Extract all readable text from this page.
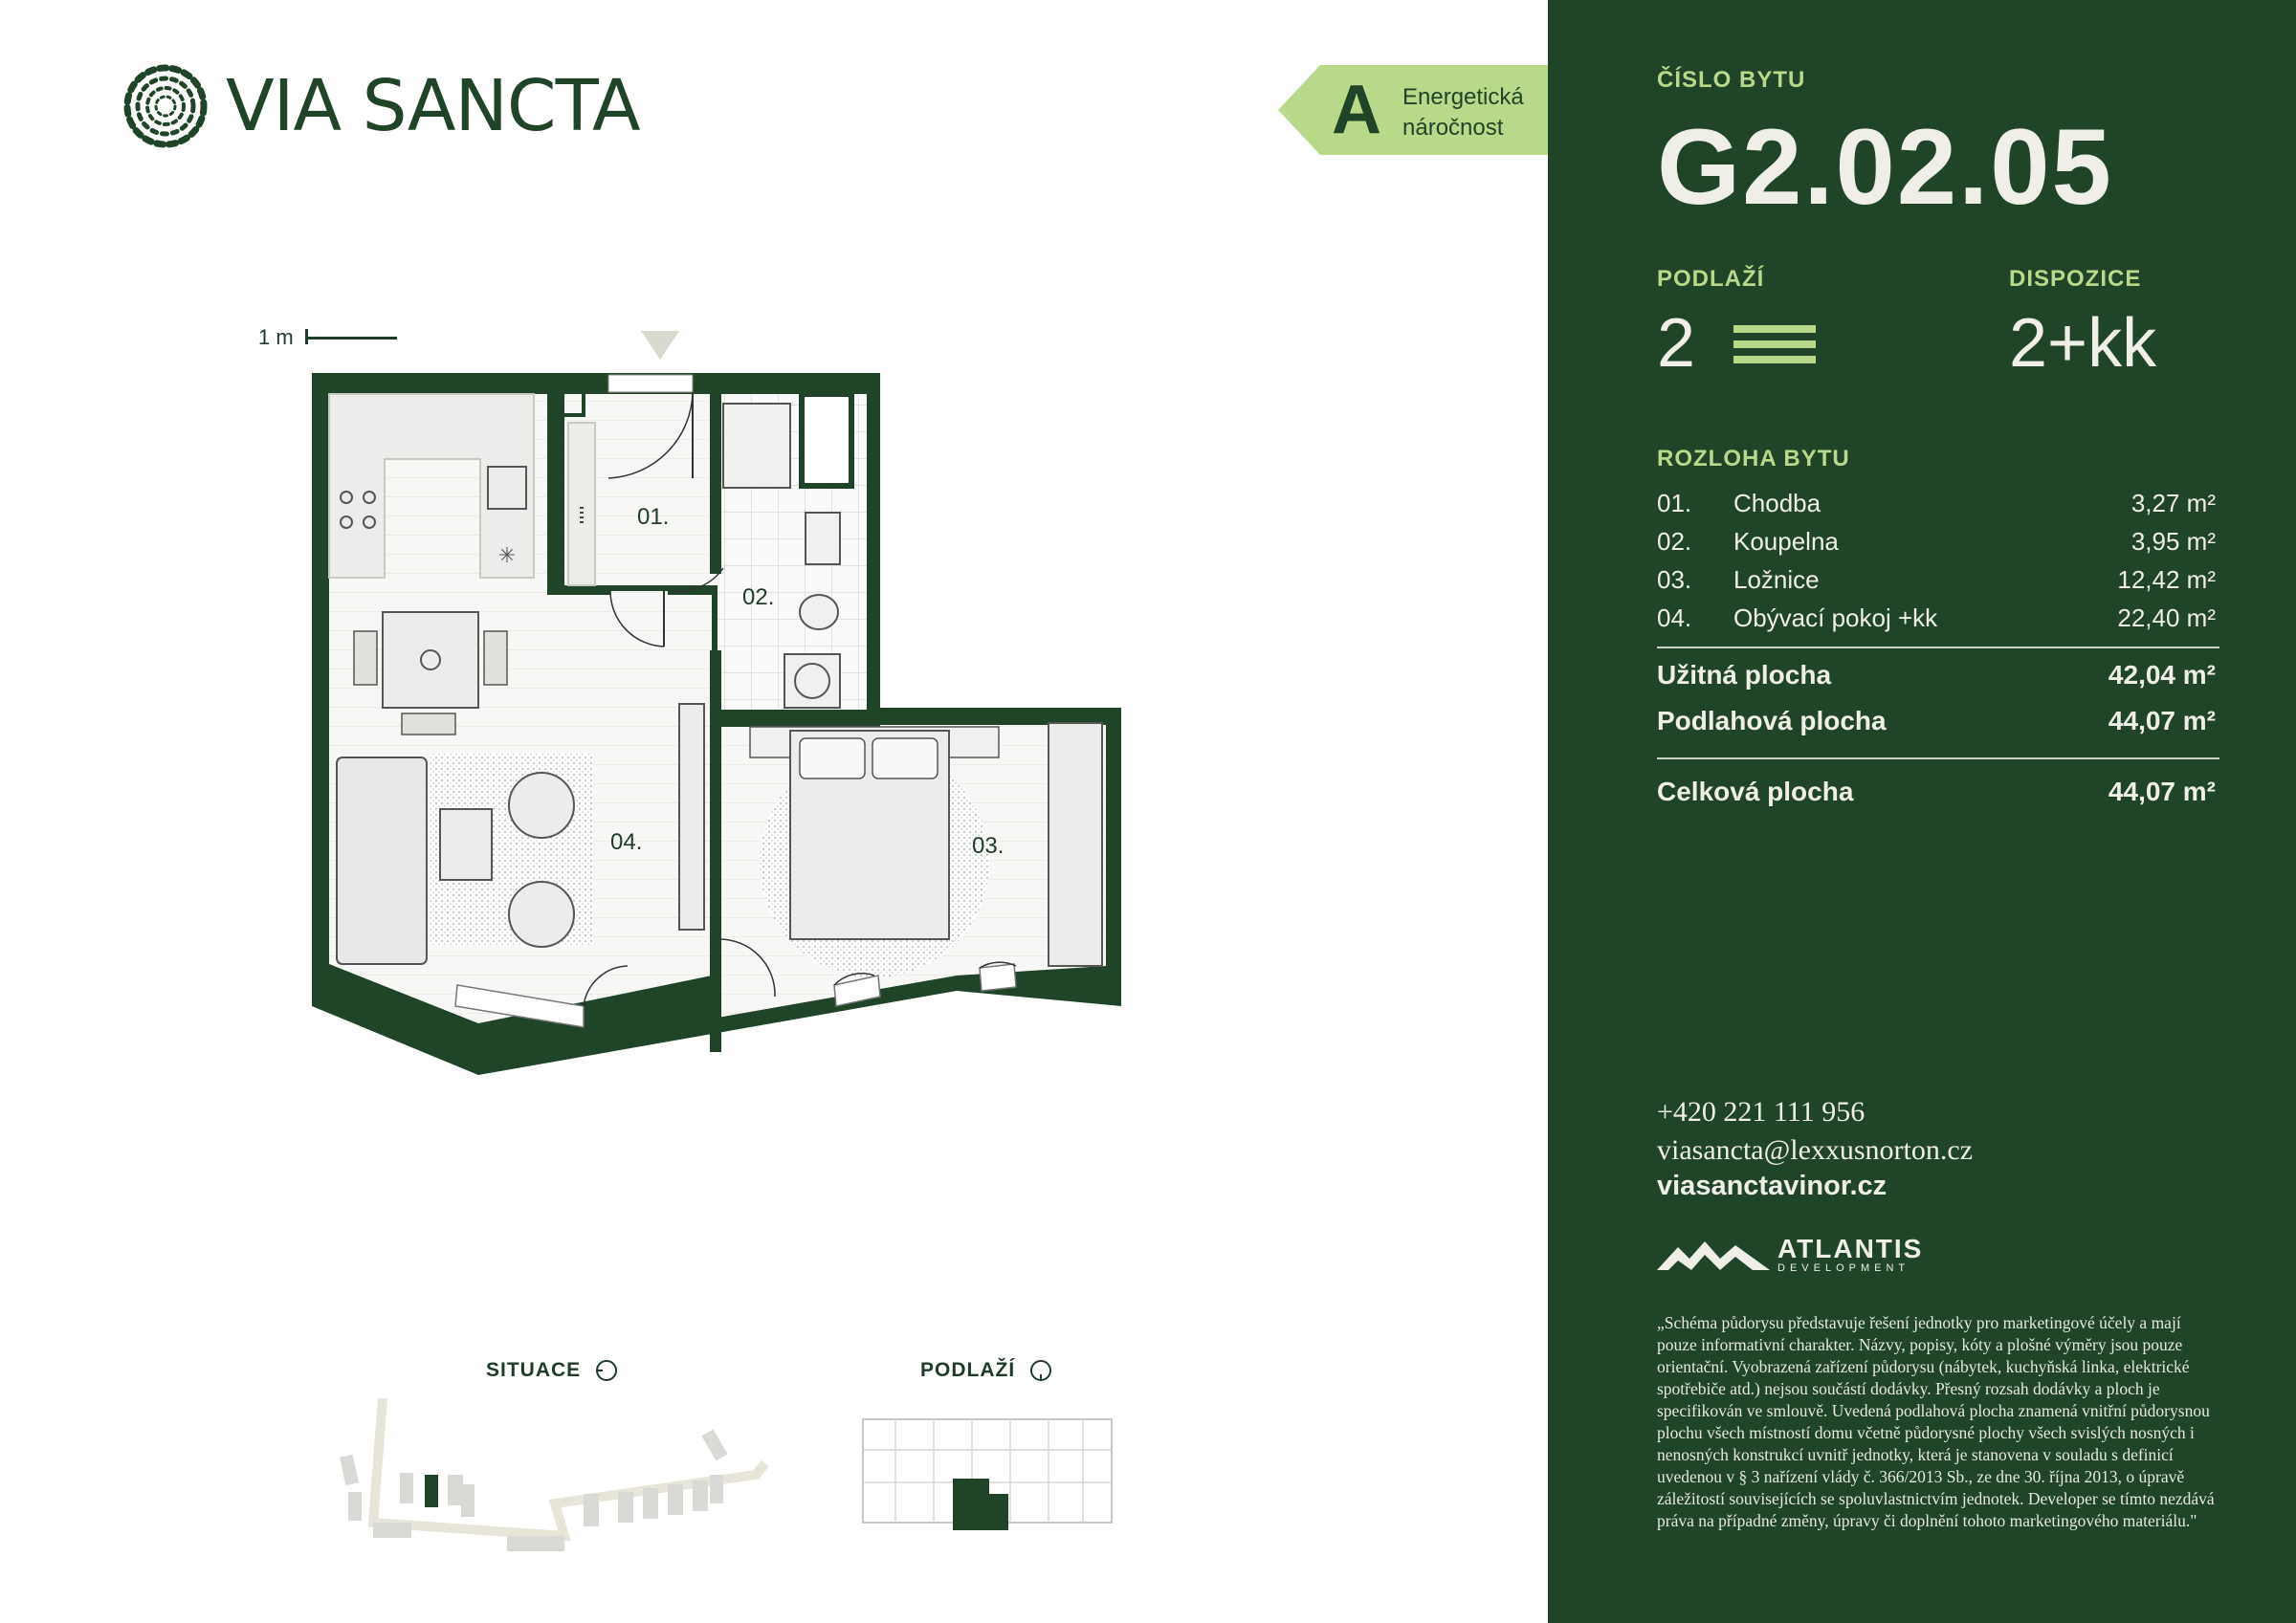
VIA SANCTA	A Energetická
náročnost
1 m
✳
01.
02.
03.
04.
SITUACE	PODLAŽÍ
ČÍSLO BYTU
G2.02.05
PODLAŽÍ
2
DISPOZICE
2+kk
ROZLOHA BYTU
01.	Chodba	3,27 m²
02.	Koupelna	3,95 m²
03.	Ložnice	12,42 m²
04.	Obývací pokoj +kk	22,40 m²
Užitná plocha	42,04 m²
Podlahová plocha	44,07 m²
Celková plocha	44,07 m²
+420 221 111 956
viasancta@lexxusnorton.cz
viasanctavinor.cz
ATLANTIS
DEVELOPMENT
„Schéma půdorysu představuje řešení jednotky pro marketingové účely a mají pouze informativní charakter. Názvy, popisy, kóty a plošné výměry jsou pouze orientační. Vyobrazená zařízení půdorysu (nábytek, kuchyňská linka, elektrické spotřebiče atd.) nejsou součástí dodávky. Přesný rozsah dodávky a ploch je specifikován ve smlouvě. Uvedená podlahová plocha znamená vnitřní půdorysnou plochu všech místností domu včetně půdorysné plochy všech svislých nosných i nenosných konstrukcí uvnitř jednotky, která je stanovena v souladu s definicí uvedenou v § 3 nařízení vlády č. 366/2013 Sb., ze dne 30. října 2013, o úpravě záležitostí souvisejících se spoluvlastnictvím jednotek. Developer se tímto nezdává práva na případné změny, úpravy či doplnění tohoto marketingového materiálu."
